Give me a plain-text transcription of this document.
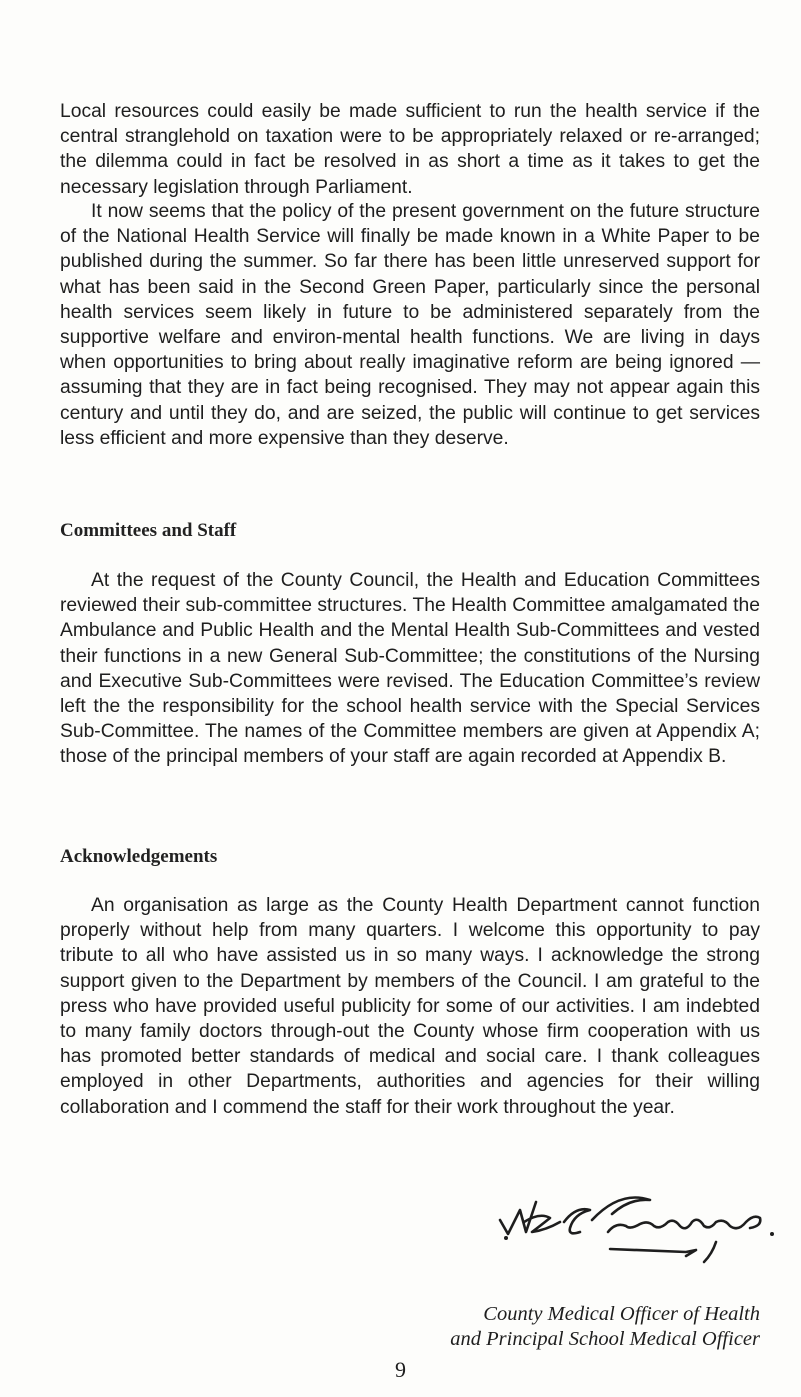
Local resources could easily be made sufficient to run the health service if the central stranglehold on taxation were to be appropriately relaxed or re-arranged; the dilemma could in fact be resolved in as short a time as it takes to get the necessary legislation through Parliament.

It now seems that the policy of the present government on the future structure of the National Health Service will finally be made known in a White Paper to be published during the summer. So far there has been little unreserved support for what has been said in the Second Green Paper, particularly since the personal health services seem likely in future to be administered separately from the supportive welfare and environ-mental health functions. We are living in days when opportunities to bring about really imaginative reform are being ignored — assuming that they are in fact being recognised. They may not appear again this century and until they do, and are seized, the public will continue to get services less efficient and more expensive than they deserve.

Committees and Staff

At the request of the County Council, the Health and Education Committees reviewed their sub-committee structures. The Health Committee amalgamated the Ambulance and Public Health and the Mental Health Sub-Committees and vested their functions in a new General Sub-Committee; the constitutions of the Nursing and Executive Sub-Committees were revised. The Education Committee’s review left the the responsibility for the school health service with the Special Services Sub-Committee. The names of the Committee members are given at Appendix A; those of the principal members of your staff are again recorded at Appendix B.

Acknowledgements

An organisation as large as the County Health Department cannot function properly without help from many quarters. I welcome this opportunity to pay tribute to all who have assisted us in so many ways. I acknowledge the strong support given to the Department by members of the Council. I am grateful to the press who have provided useful publicity for some of our activities. I am indebted to many family doctors through-out the County whose firm cooperation with us has promoted better standards of medical and social care. I thank colleagues employed in other Departments, authorities and agencies for their willing collaboration and I commend the staff for their work throughout the year.

County Medical Officer of Health
and Principal School Medical Officer
9
